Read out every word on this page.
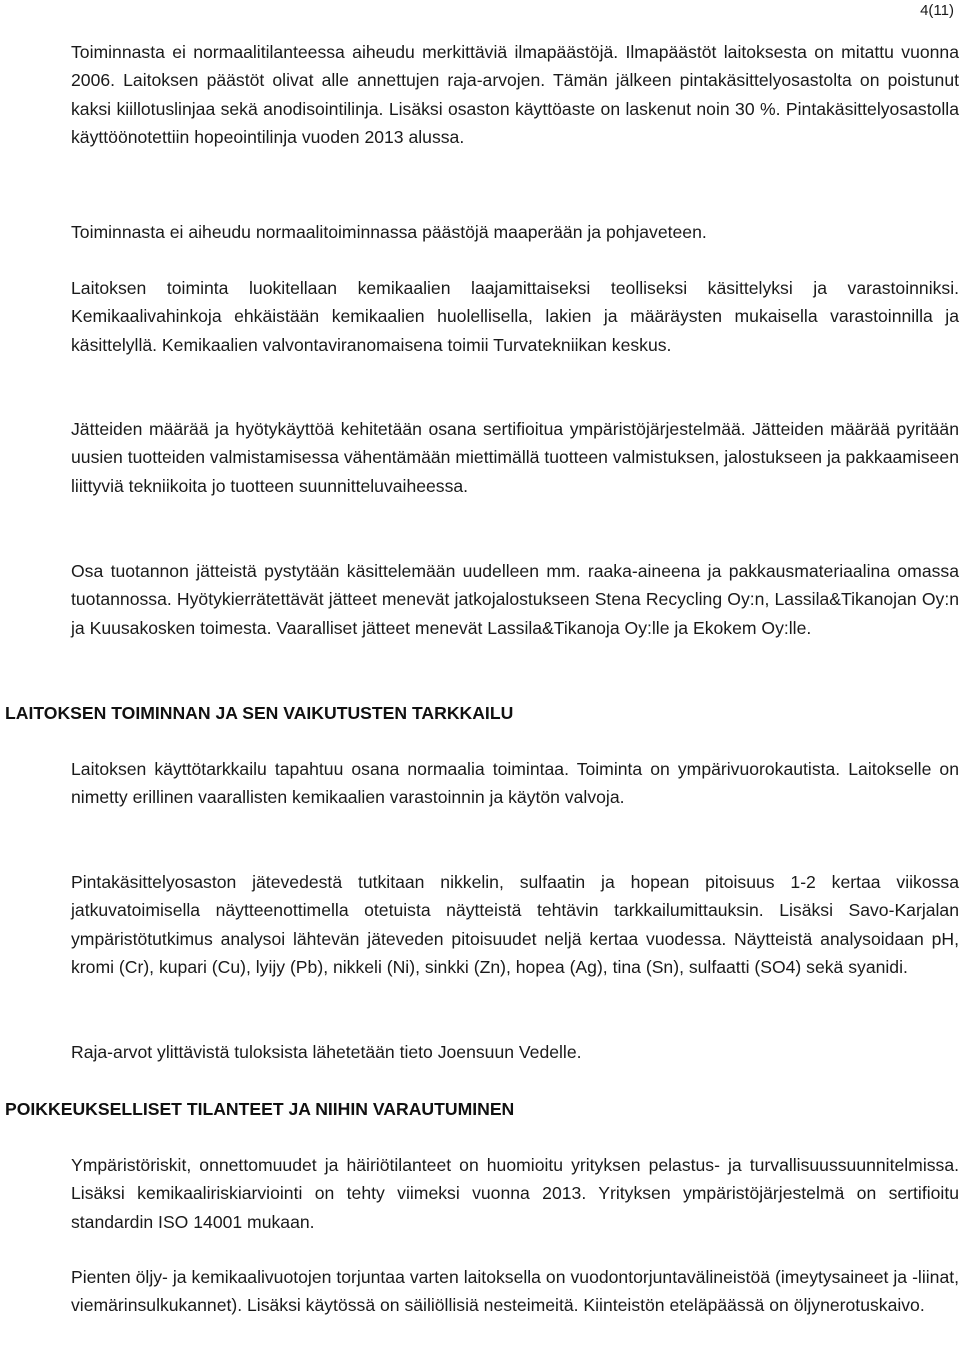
4(11)

Toiminnasta ei normaalitilanteessa aiheudu merkittäviä ilmapäästöjä. Ilmapäästöt laitoksesta on mitattu vuonna 2006. Laitoksen päästöt olivat alle annettujen raja-arvojen. Tämän jälkeen pintakäsittelyosastolta on poistunut kaksi kiillotuslinjaa sekä anodisointilinja. Lisäksi osaston käyttöaste on laskenut noin 30 %. Pintakäsittelyosastolla käyttöönotettiin hopeointilinja vuoden 2013 alussa.

Toiminnasta ei aiheudu normaalitoiminnassa päästöjä maaperään ja pohjaveteen.

Laitoksen toiminta luokitellaan kemikaalien laajamittaiseksi teolliseksi käsittelyksi ja varastoinniksi. Kemikaalivahinkoja ehkäistään kemikaalien huolellisella, lakien ja määräysten mukaisella varastoinnilla ja käsittelyllä. Kemikaalien valvontaviranomaisena toimii Turvatekniikan keskus.

Jätteiden määrää ja hyötykäyttöä kehitetään osana sertifioitua ympäristöjärjestelmää. Jätteiden määrää pyritään uusien tuotteiden valmistamisessa vähentämään miettimällä tuotteen valmistuksen, jalostukseen ja pakkaamiseen liittyviä tekniikoita jo tuotteen suunnitteluvaiheessa.

Osa tuotannon jätteistä pystytään käsittelemään uudelleen mm. raaka-aineena ja pakkausmateriaalina omassa tuotannossa. Hyötykierrätettävät jätteet menevät jatkojalostukseen Stena Recycling Oy:n, Lassila&Tikanojan Oy:n ja Kuusakosken toimesta. Vaaralliset jätteet menevät Lassila&Tikanoja Oy:lle ja Ekokem Oy:lle.

LAITOKSEN TOIMINNAN JA SEN VAIKUTUSTEN TARKKAILU

Laitoksen käyttötarkkailu tapahtuu osana normaalia toimintaa. Toiminta on ympärivuorokautista. Laitokselle on nimetty erillinen vaarallisten kemikaalien varastoinnin ja käytön valvoja.

Pintakäsittelyosaston jätevedestä tutkitaan nikkelin, sulfaatin ja hopean pitoisuus 1-2 kertaa viikossa jatkuvatoimisella näytteenottimella otetuista näytteistä tehtävin tarkkailumittauksin. Lisäksi Savo-Karjalan ympäristötutkimus analysoi lähtevän jäteveden pitoisuudet neljä kertaa vuodessa. Näytteistä analysoidaan pH, kromi (Cr), kupari (Cu), lyijy (Pb), nikkeli (Ni), sinkki (Zn), hopea (Ag), tina (Sn), sulfaatti (SO4) sekä syanidi.

Raja-arvot ylittävistä tuloksista lähetetään tieto Joensuun Vedelle.

POIKKEUKSELLISET TILANTEET JA NIIHIN VARAUTUMINEN

Ympäristöriskit, onnettomuudet ja häiriötilanteet on huomioitu yrityksen pelastus- ja turvallisuussuunnitelmissa. Lisäksi kemikaaliriskiarviointi on tehty viimeksi vuonna 2013. Yrityksen ympäristöjärjestelmä on sertifioitu standardin ISO 14001 mukaan.

Pienten öljy- ja kemikaalivuotojen torjuntaa varten laitoksella on vuodontorjuntavälineistöä (imeytysaineet ja -liinat, viemärinsulkukannet). Lisäksi käytössä on säiliöllisiä nesteimeitä. Kiinteistön eteläpäässä on öljynerotuskaivo.
